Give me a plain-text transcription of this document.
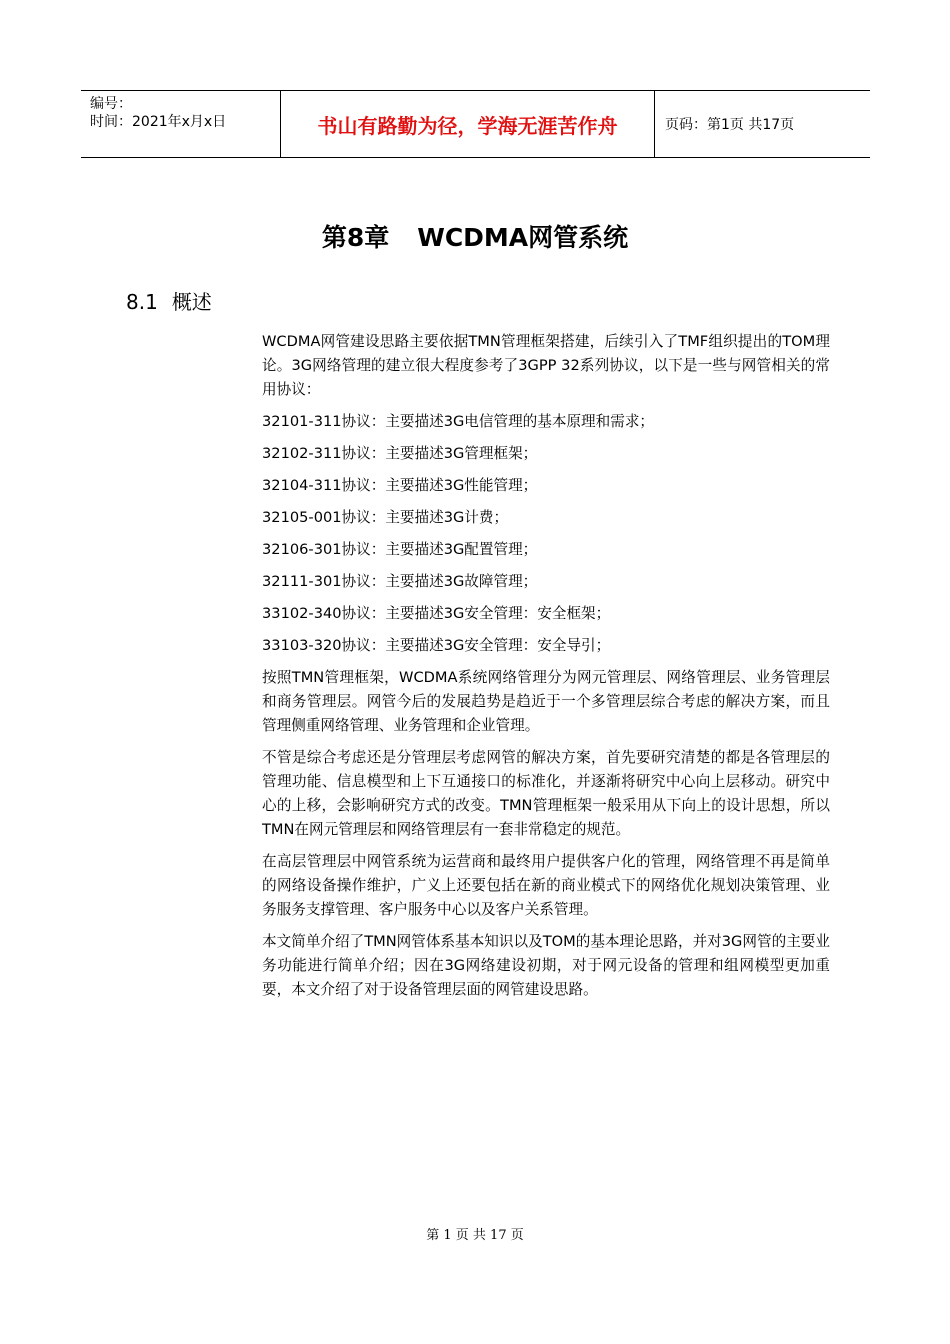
编号：
时间：2021年x月x日	书山有路勤为径，学海无涯苦作舟	页码：第1页 共17页
第8章 WCDMA网管系统
8.1 概述

WCDMA网管建设思路主要依据TMN管理框架搭建，后续引入了TMF组织提出的TOM理论。3G网络管理的建立很大程度参考了3GPP 32系列协议，以下是一些与网管相关的常用协议：

32101-311协议：主要描述3G电信管理的基本原理和需求；
32102-311协议：主要描述3G管理框架；
32104-311协议：主要描述3G性能管理；
32105-001协议：主要描述3G计费；
32106-301协议：主要描述3G配置管理；
32111-301协议：主要描述3G故障管理；
33102-340协议：主要描述3G安全管理：安全框架；
33103-320协议：主要描述3G安全管理：安全导引；

按照TMN管理框架，WCDMA系统网络管理分为网元管理层、网络管理层、业务管理层和商务管理层。网管今后的发展趋势是趋近于一个多管理层综合考虑的解决方案，而且管理侧重网络管理、业务管理和企业管理。

不管是综合考虑还是分管理层考虑网管的解决方案，首先要研究清楚的都是各管理层的管理功能、信息模型和上下互通接口的标准化，并逐渐将研究中心向上层移动。研究中心的上移，会影响研究方式的改变。TMN管理框架一般采用从下向上的设计思想，所以TMN在网元管理层和网络管理层有一套非常稳定的规范。

在高层管理层中网管系统为运营商和最终用户提供客户化的管理，网络管理不再是简单的网络设备操作维护，广义上还要包括在新的商业模式下的网络优化规划决策管理、业务服务支撑管理、客户服务中心以及客户关系管理。

本文简单介绍了TMN网管体系基本知识以及TOM的基本理论思路，并对3G网管的主要业务功能进行简单介绍；因在3G网络建设初期，对于网元设备的管理和组网模型更加重要，本文介绍了对于设备管理层面的网管建设思路。

第 1 页 共 17 页
